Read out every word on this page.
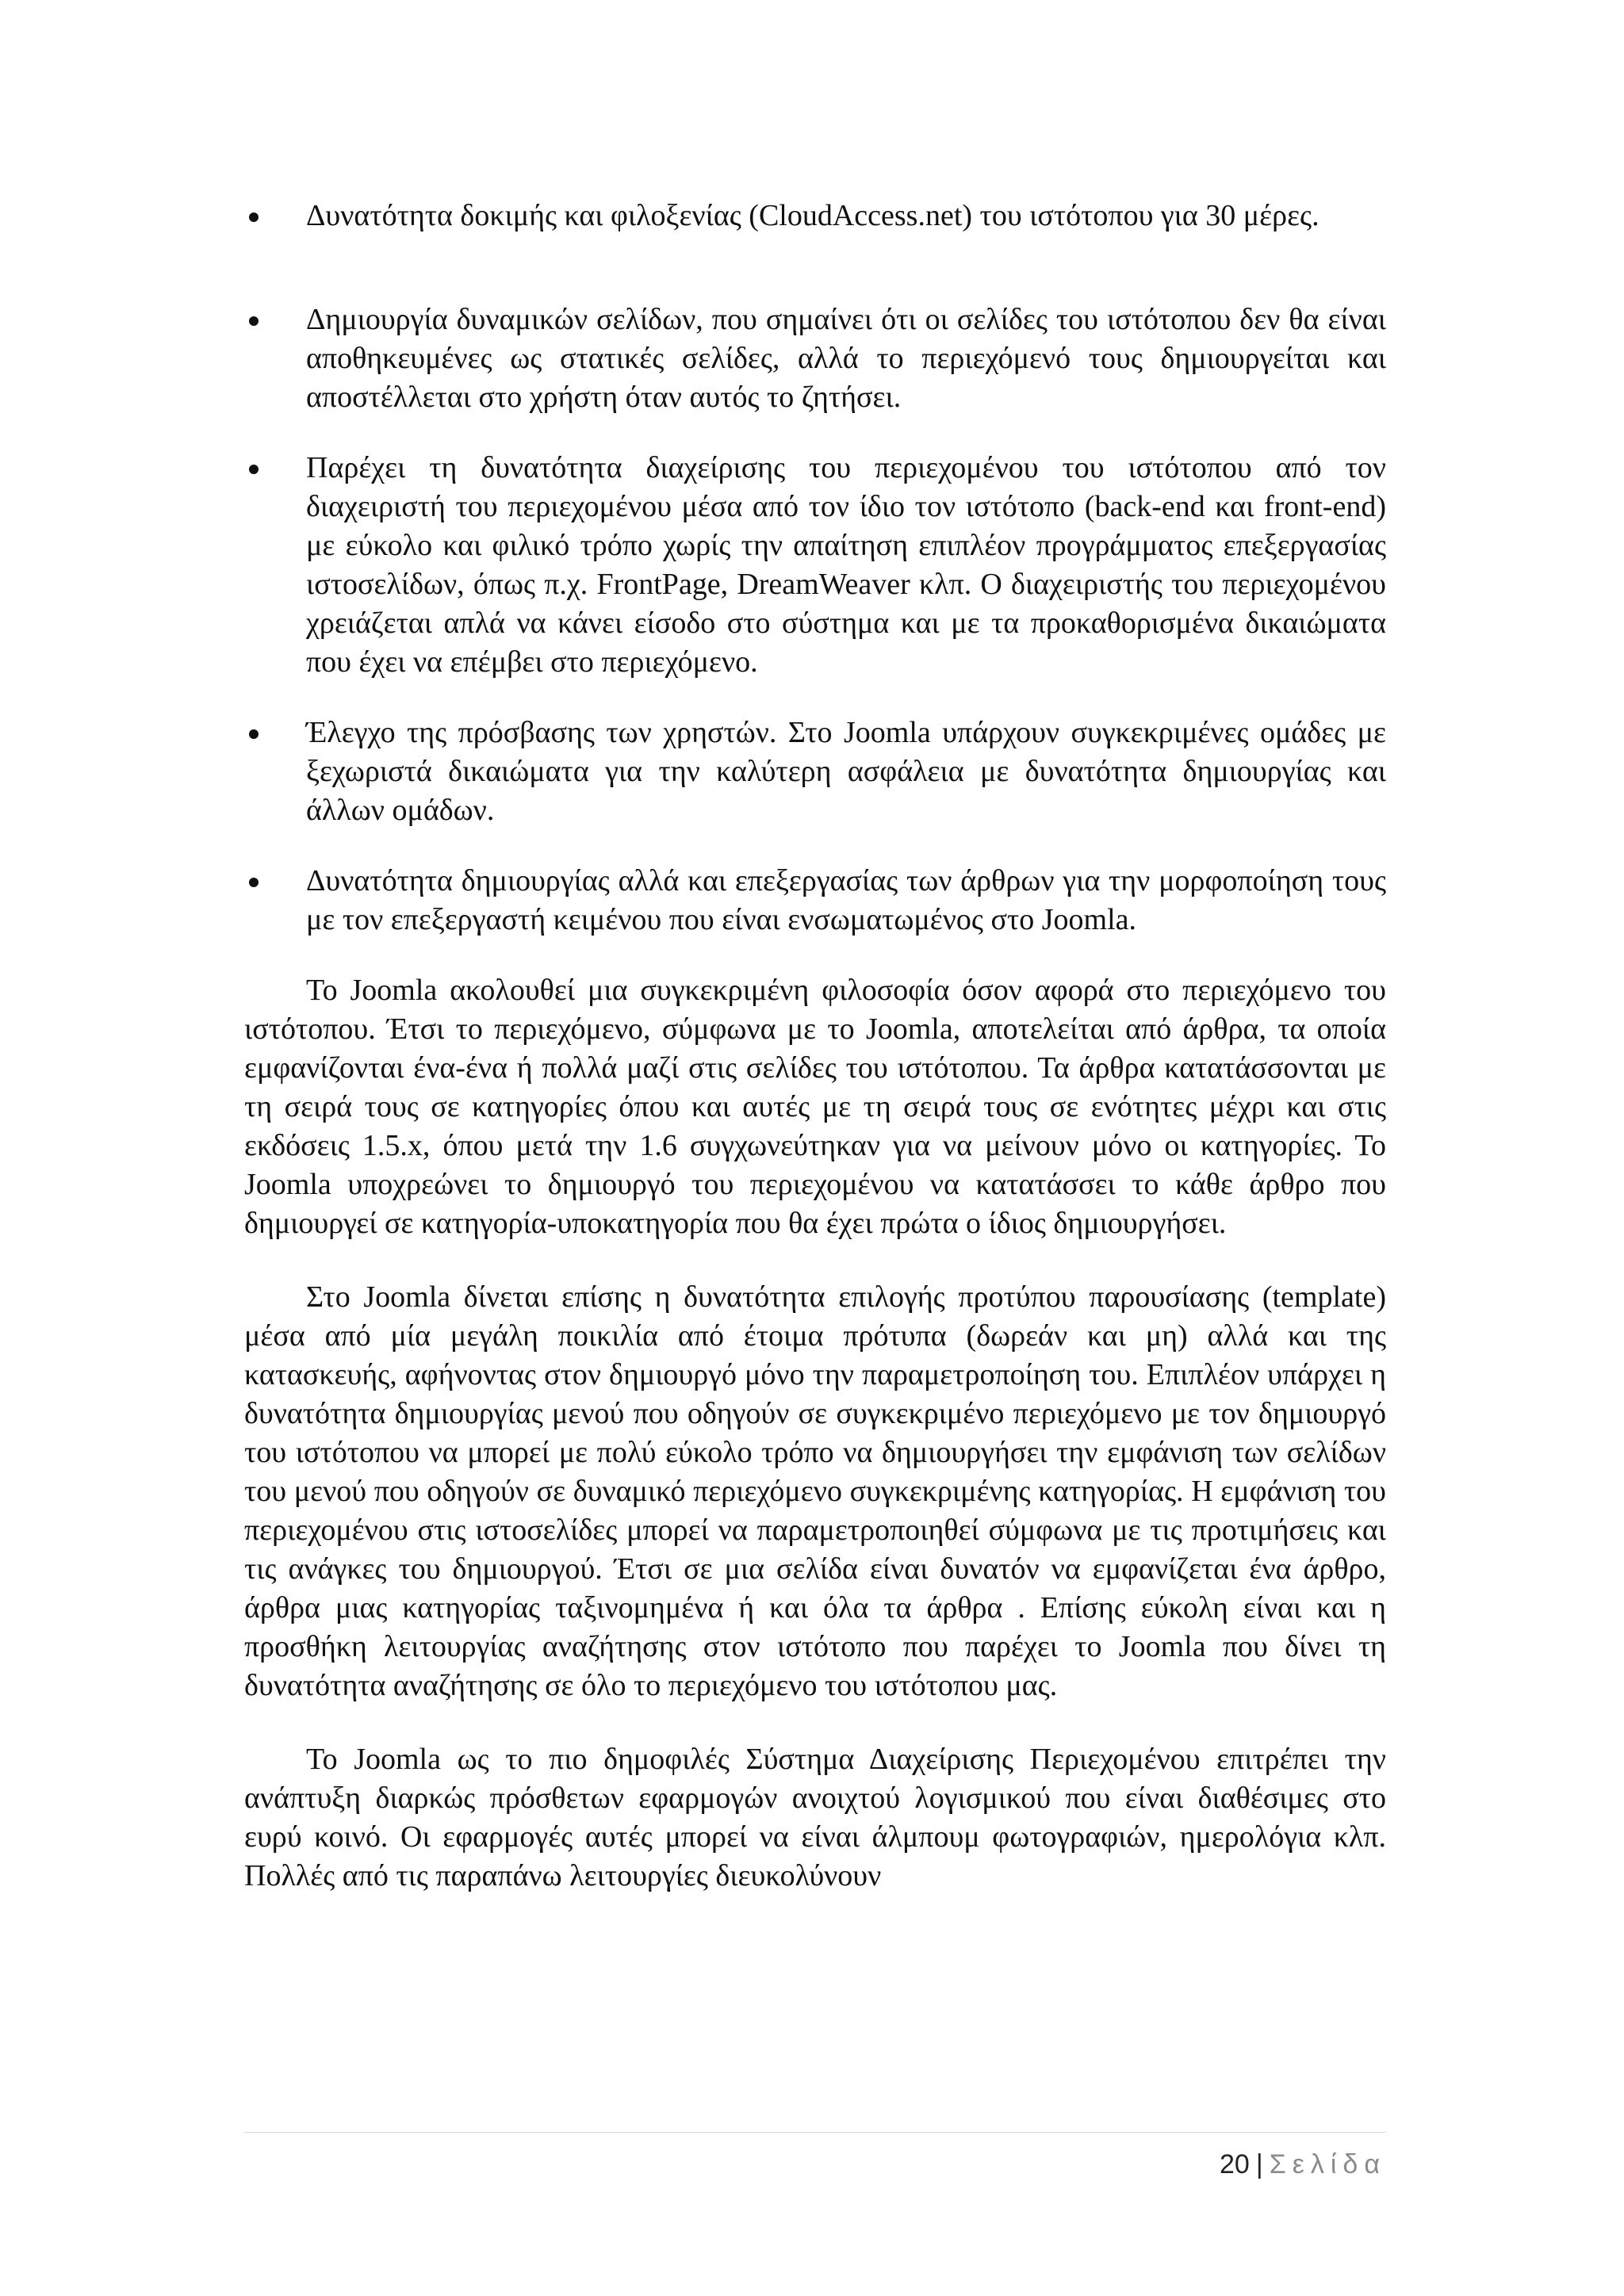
Δυνατότητα δοκιμής και φιλοξενίας (CloudAccess.net) του ιστότοπου για 30 μέρες.
Δημιουργία δυναμικών σελίδων, που σημαίνει ότι οι σελίδες του ιστότοπου δεν θα είναι αποθηκευμένες ως στατικές σελίδες, αλλά το περιεχόμενό τους δημιουργείται και αποστέλλεται στο χρήστη όταν αυτός το ζητήσει.
Παρέχει τη δυνατότητα διαχείρισης του περιεχομένου του ιστότοπου από τον διαχειριστή του περιεχομένου μέσα από τον ίδιο τον ιστότοπο (back-end και front-end) με εύκολο και φιλικό τρόπο χωρίς την απαίτηση επιπλέον προγράμματος επεξεργασίας ιστοσελίδων, όπως π.χ. FrontPage, DreamWeaver κλπ. Ο διαχειριστής του περιεχομένου χρειάζεται απλά να κάνει είσοδο στο σύστημα και με τα προκαθορισμένα δικαιώματα που έχει να επέμβει στο περιεχόμενο.
Έλεγχο της πρόσβασης των χρηστών. Στο Joomla υπάρχουν συγκεκριμένες ομάδες με ξεχωριστά δικαιώματα για την καλύτερη ασφάλεια με δυνατότητα δημιουργίας και άλλων ομάδων.
Δυνατότητα δημιουργίας αλλά και επεξεργασίας των άρθρων για την μορφοποίηση τους με τον επεξεργαστή κειμένου που είναι ενσωματωμένος στο Joomla.

Το Joomla ακολουθεί μια συγκεκριμένη φιλοσοφία όσον αφορά στο περιεχόμενο του ιστότοπου. Έτσι το περιεχόμενο, σύμφωνα με το Joomla, αποτελείται από άρθρα, τα οποία εμφανίζονται ένα-ένα ή πολλά μαζί στις σελίδες του ιστότοπου. Τα άρθρα κατατάσσονται με τη σειρά τους σε κατηγορίες όπου και αυτές με τη σειρά τους σε ενότητες μέχρι και στις εκδόσεις 1.5.x, όπου μετά την 1.6 συγχωνεύτηκαν για να μείνουν μόνο οι κατηγορίες. Το Joomla υποχρεώνει το δημιουργό του περιεχομένου να κατατάσσει το κάθε άρθρο που δημιουργεί σε κατηγορία-υποκατηγορία που θα έχει πρώτα ο ίδιος δημιουργήσει.

Στο Joomla δίνεται επίσης η δυνατότητα επιλογής προτύπου παρουσίασης (template) μέσα από μία μεγάλη ποικιλία από έτοιμα πρότυπα (δωρεάν και μη) αλλά και της κατασκευής, αφήνοντας στον δημιουργό μόνο την παραμετροποίηση του. Επιπλέον υπάρχει η δυνατότητα δημιουργίας μενού που οδηγούν σε συγκεκριμένο περιεχόμενο με τον δημιουργό του ιστότοπου να μπορεί με πολύ εύκολο τρόπο να δημιουργήσει την εμφάνιση των σελίδων του μενού που οδηγούν σε δυναμικό περιεχόμενο συγκεκριμένης κατηγορίας. Η εμφάνιση του περιεχομένου στις ιστοσελίδες μπορεί να παραμετροποιηθεί σύμφωνα με τις προτιμήσεις και τις ανάγκες του δημιουργού. Έτσι σε μια σελίδα είναι δυνατόν να εμφανίζεται ένα άρθρο, άρθρα μιας κατηγορίας ταξινομημένα ή και όλα τα άρθρα . Επίσης εύκολη είναι και η προσθήκη λειτουργίας αναζήτησης στον ιστότοπο που παρέχει το Joomla που δίνει τη δυνατότητα αναζήτησης σε όλο το περιεχόμενο του ιστότοπου μας.

Το Joomla ως το πιο δημοφιλές Σύστημα Διαχείρισης Περιεχομένου επιτρέπει την ανάπτυξη διαρκώς πρόσθετων εφαρμογών ανοιχτού λογισμικού που είναι διαθέσιμες στο ευρύ κοινό. Οι εφαρμογές αυτές μπορεί να είναι άλμπουμ φωτογραφιών, ημερολόγια κλπ. Πολλές από τις παραπάνω λειτουργίες διευκολύνουν

20 | Σελίδα
